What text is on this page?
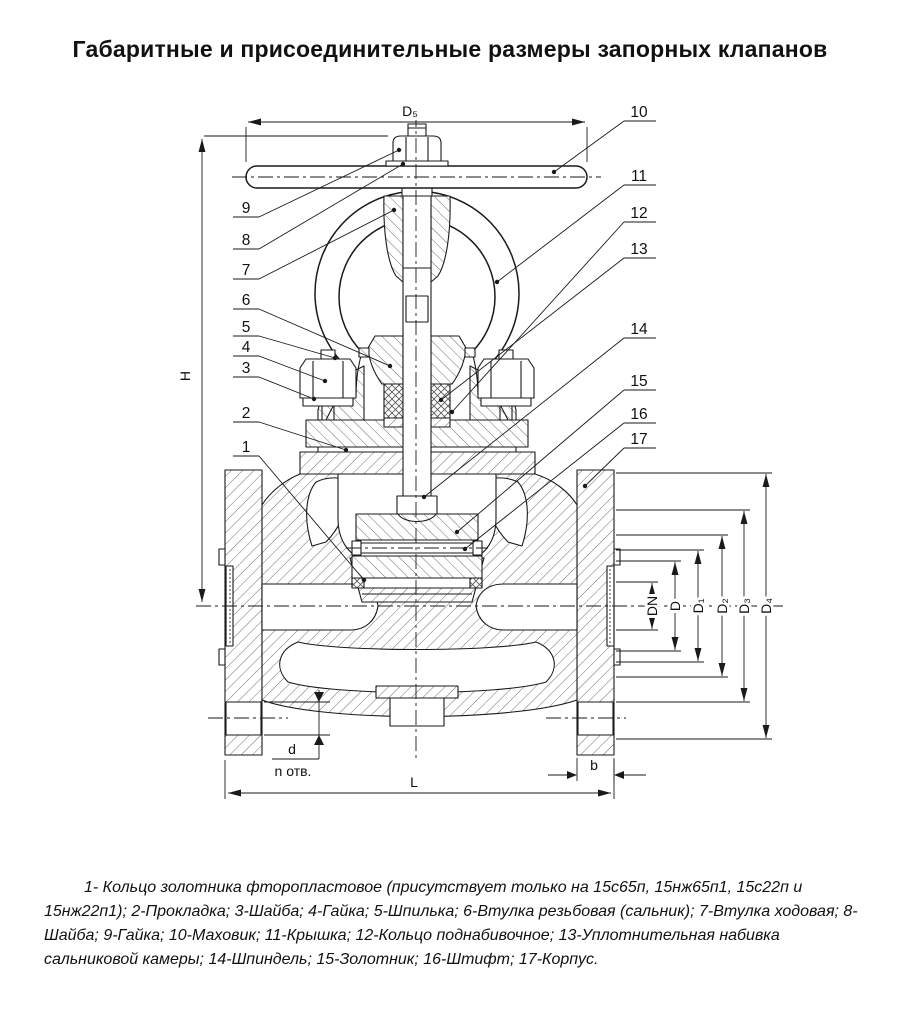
Габаритные и присоединительные размеры запорных клапанов
D₅
H
DN D D₁ D₂ D₃ D₄
L
d
n отв.	b
9
8
7
6
5
4
3
2
1
10
11
12
13
14
15
16
17
1- Кольцо золотника фторопластовое (присутствует только на 15с65п, 15нж65п1, 15с22п и 15нж22п1); 2-Прокладка; 3-Шайба; 4-Гайка; 5-Шпилька; 6-Втулка резьбовая (сальник); 7-Втулка ходовая; 8-Шайба; 9-Гайка; 10-Маховик; 11-Крышка; 12-Кольцо поднабивочное; 13-Уплотнительная набивка сальниковой камеры; 14-Шпиндель; 15-Золотник; 16-Штифт; 17-Корпус.
